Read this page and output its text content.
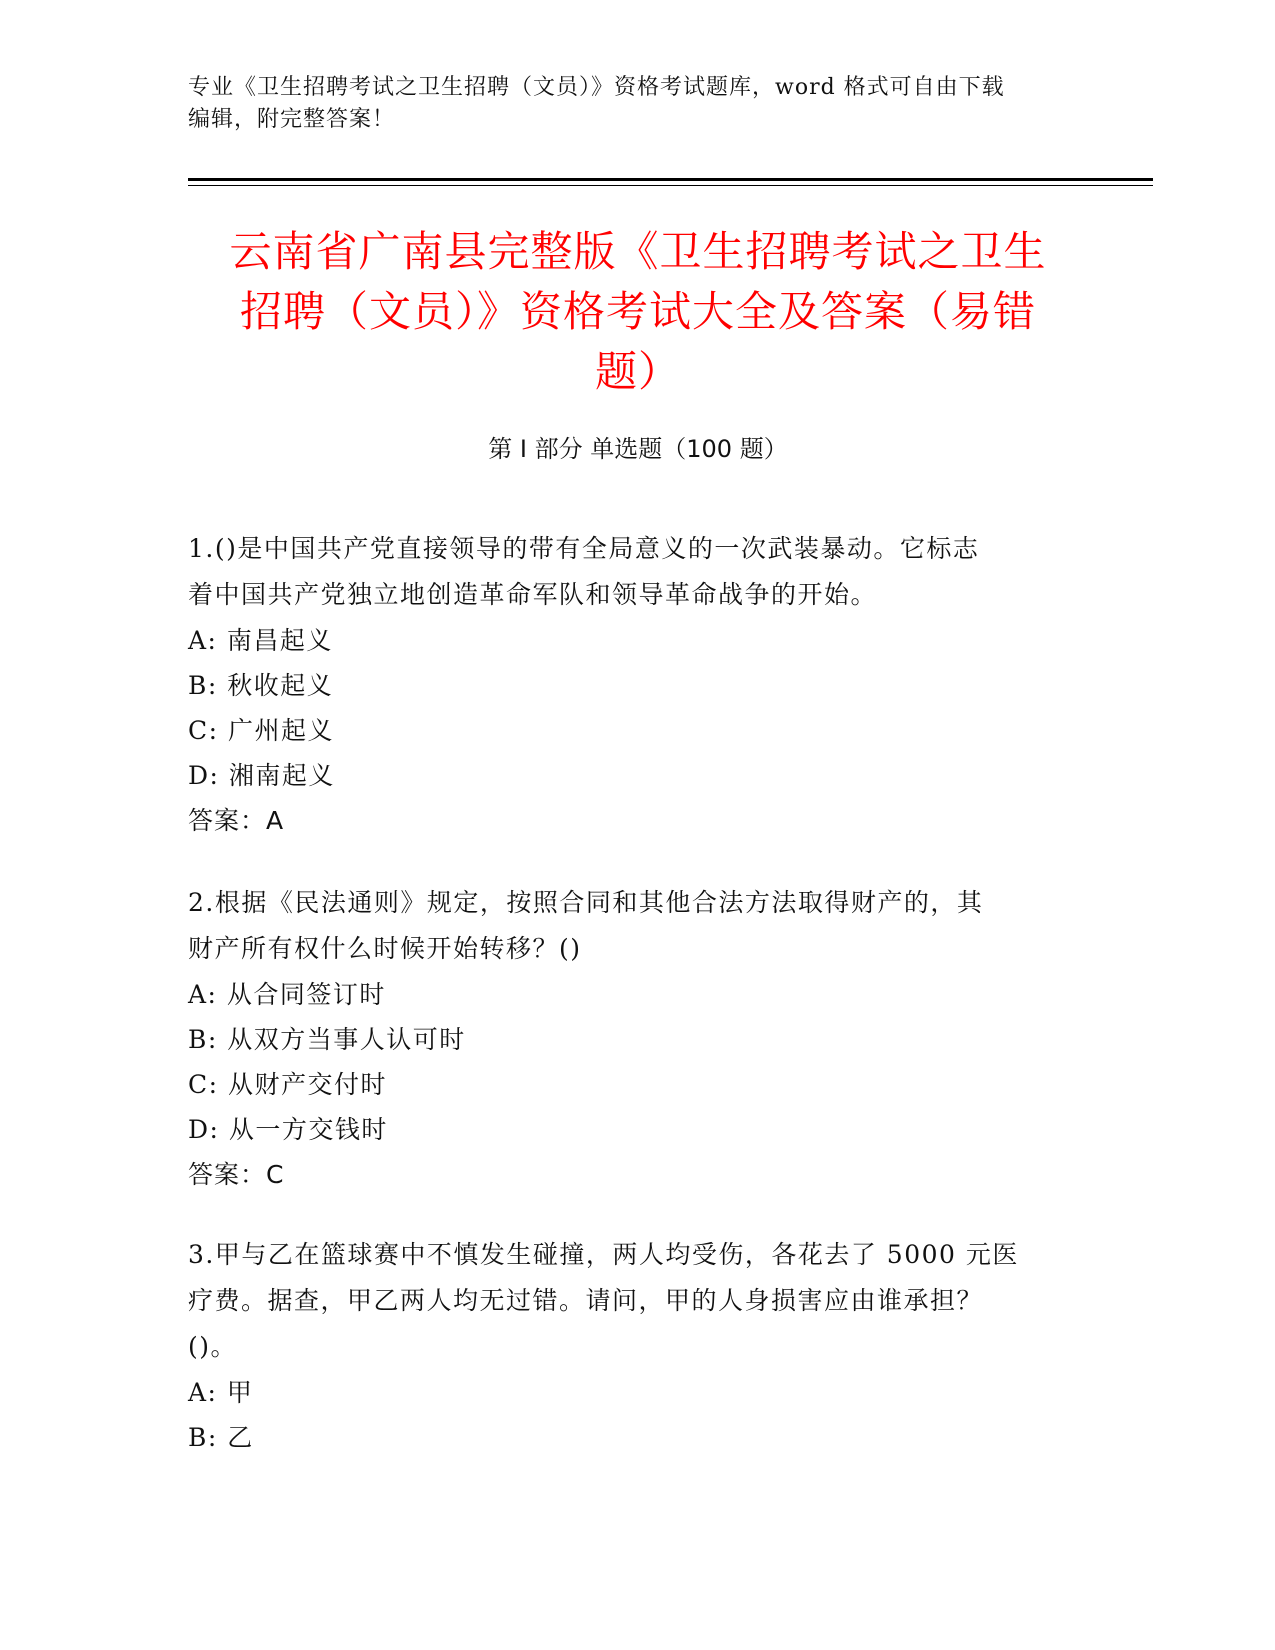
专业《卫生招聘考试之卫生招聘（文员）》资格考试题库，word 格式可自由下载
编辑，附完整答案！
云南省广南县完整版《卫生招聘考试之卫生
招聘（文员）》资格考试大全及答案（易错
题）
第 I 部分 单选题（100 题）
1.()是中国共产党直接领导的带有全局意义的一次武装暴动。它标志
着中国共产党独立地创造革命军队和领导革命战争的开始。
A: 南昌起义
B: 秋收起义
C: 广州起义
D: 湘南起义
答案：A
2.根据《民法通则》规定，按照合同和其他合法方法取得财产的，其
财产所有权什么时候开始转移？()
A: 从合同签订时
B: 从双方当事人认可时
C: 从财产交付时
D: 从一方交钱时
答案：C
3.甲与乙在篮球赛中不慎发生碰撞，两人均受伤，各花去了 5000 元医
疗费。据查，甲乙两人均无过错。请问，甲的人身损害应由谁承担？
()。
A: 甲
B: 乙
